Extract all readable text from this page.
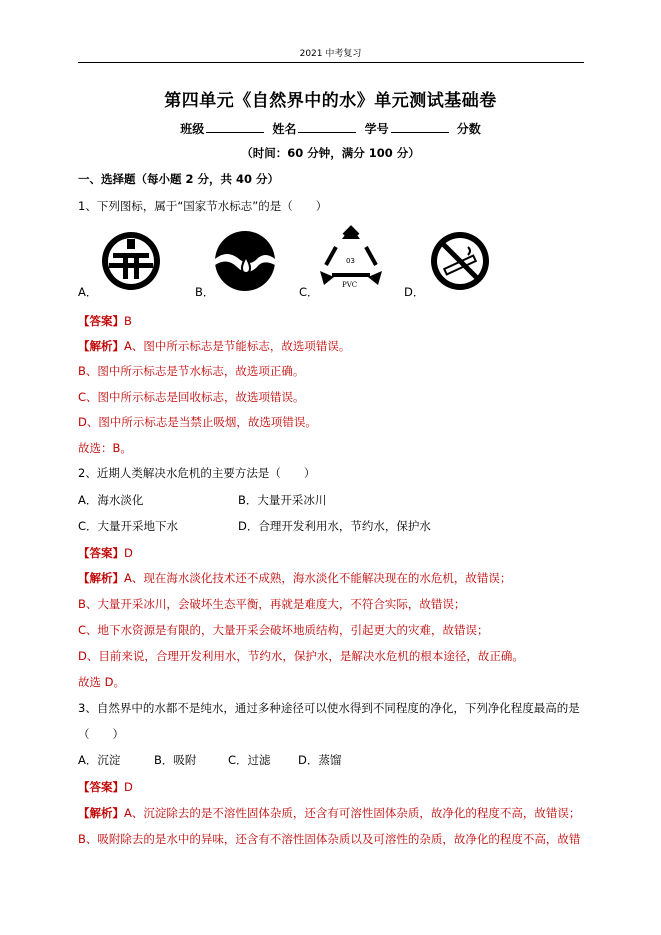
2021 中考复习
第四单元《自然界中的水》单元测试基础卷
班级	姓名	学号	分数
（时间：60 分钟，满分 100 分）
一、选择题（每小题 2 分，共 40 分）
1、下列图标，属于“国家节水标志”的是（　　）
03
PVC
A．	B．	C．	D．
【答案】B
【解析】A、图中所示标志是节能标志，故选项错误。
B、图中所示标志是节水标志，故选项正确。
C、图中所示标志是回收标志，故选项错误。
D、图中所示标志是当禁止吸烟，故选项错误。
故选：B。
2、近期人类解决水危机的主要方法是（　　）
A．海水淡化	B．大量开采冰川
C．大量开采地下水	D．合理开发利用水，节约水，保护水
【答案】D
【解析】A、现在海水淡化技术还不成熟，海水淡化不能解决现在的水危机，故错误；
B、大量开采冰川，会破坏生态平衡，再就是难度大，不符合实际，故错误；
C、地下水资源是有限的，大量开采会破坏地质结构，引起更大的灾难，故错误；
D、目前来说，合理开发利用水，节约水，保护水，是解决水危机的根本途径，故正确。
故选 D。
3、自然界中的水都不是纯水，通过多种途径可以使水得到不同程度的净化，下列净化程度最高的是
（　　）
A．沉淀	B．吸附	C．过滤 D．蒸馏
【答案】D
【解析】A、沉淀除去的是不溶性固体杂质，还含有可溶性固体杂质，故净化的程度不高，故错误；
B、吸附除去的是水中的异味，还含有不溶性固体杂质以及可溶性的杂质，故净化的程度不高，故错
